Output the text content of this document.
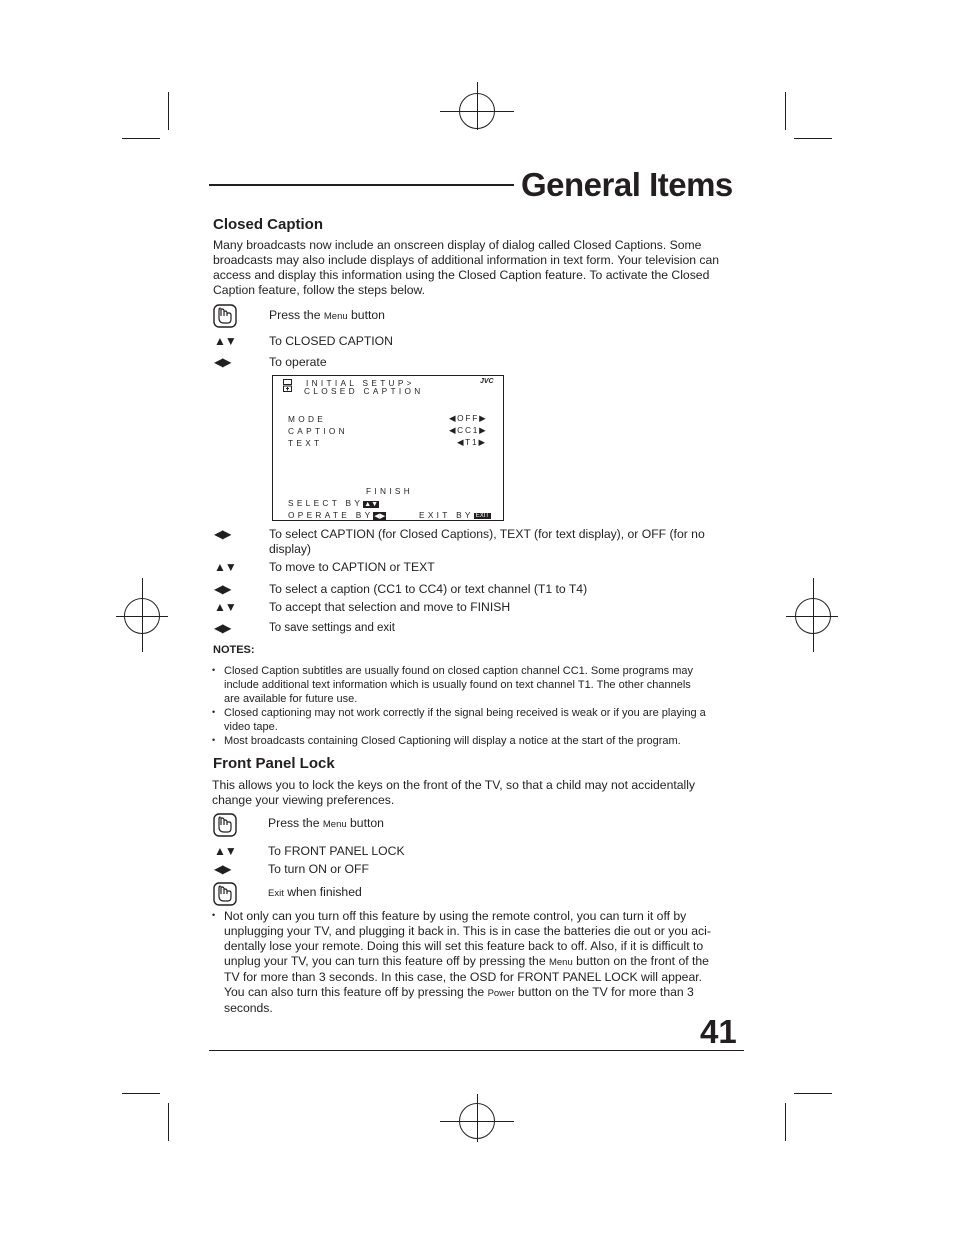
General Items
Closed Caption
Many broadcasts now include an onscreen display of dialog called Closed Captions. Some
broadcasts may also include displays of additional information in text form. Your television can
access and display this information using the Closed Caption feature. To activate the Closed
Caption feature, follow the steps below.
Press the Menu button
▲▼	To CLOSED CAPTION
◀▶	To operate
INITIAL SETUP>
CLOSED CAPTION
JVC
MODE	◀OFF▶
CAPTION	◀CC1▶
TEXT	◀T1▶
FINISH
SELECT BY▲▼
OPERATE BY◀▶	EXIT BY EXIT
◀▶	To select CAPTION (for Closed Captions), TEXT (for text display), or OFF (for no
display)
▲▼	To move to CAPTION or TEXT
◀▶	To select a caption (CC1 to CC4) or text channel (T1 to T4)
▲▼	To accept that selection and move to FINISH
◀▶	To save settings and exit
NOTES:
• Closed Caption subtitles are usually found on closed caption channel CC1. Some programs may
include additional text information which is usually found on text channel T1. The other channels
are available for future use.
• Closed captioning may not work correctly if the signal being received is weak or if you are playing a
video tape.
• Most broadcasts containing Closed Captioning will display a notice at the start of the program.
Front Panel Lock
This allows you to lock the keys on the front of the TV, so that a child may not accidentally
change your viewing preferences.
Press the Menu button
▲▼	To FRONT PANEL LOCK
◀▶	To turn ON or OFF
Exit when finished
• Not only can you turn off this feature by using the remote control, you can turn it off by
unplugging your TV, and plugging it back in. This is in case the batteries die out or you aci-
dentally lose your remote. Doing this will set this feature back to off. Also, if it is difficult to
unplug your TV, you can turn this feature off by pressing the Menu button on the front of the
TV for more than 3 seconds. In this case, the OSD for FRONT PANEL LOCK will appear.
You can also turn this feature off by pressing the Power button on the TV for more than 3
seconds.
41
